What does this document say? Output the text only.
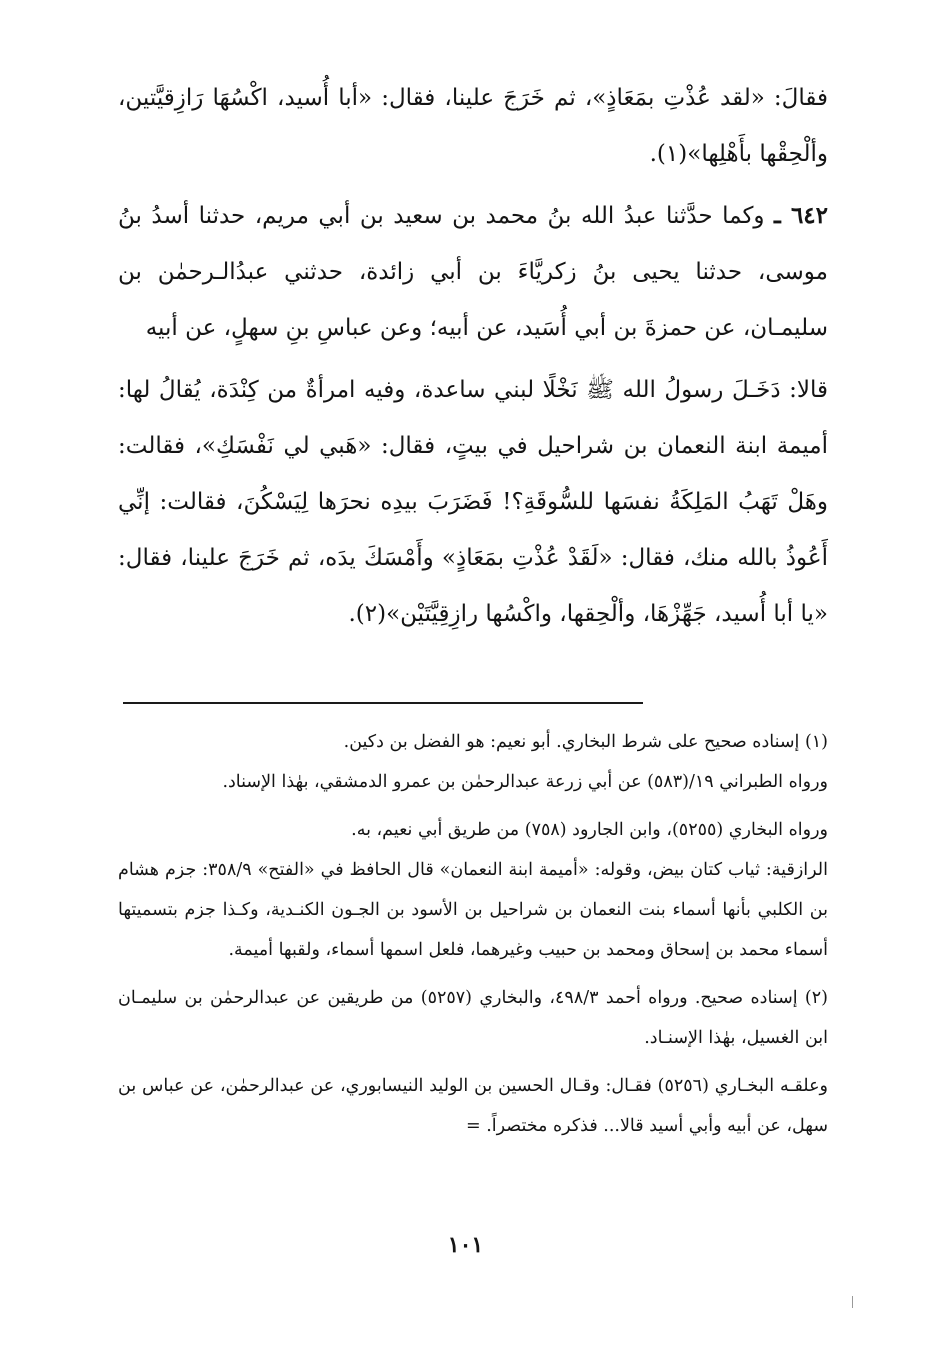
فقالَ: «لقد عُذْتِ بمَعَاذٍ»، ثم خَرَجَ علينا، فقال: «أبا أُسيد، اكْسُهَا رَازِقيَّتين، وألْحِقْها بأَهْلِها»(١).

٦٤٢ ـ وكما حدَّثنا عبدُ الله بنُ محمد بن سعيد بن أبي مريم، حدثنا أسدُ بنُ موسى، حدثنا يحيى بنُ زكريَّاءَ بن أبي زائدة، حدثني عبدُالـرحمٰن بن سليمـان، عن حمزةَ بن أبي أُسَيد، عن أبيه؛ وعن عباسِ بنِ سهلٍ، عن أبيه

قالا: دَخَـلَ رسولُ الله ﷺ نَخْلًا لبني ساعدة، وفيه امرأةٌ من كِنْدَة، يُقالُ لها: أميمة ابنة النعمان بن شراحيل في بيتٍ، فقال: «هَبي لي نَفْسَكِ»، فقالت: وهَلْ تَهَبُ المَلِكَةُ نفسَها للسُّوقَةِ؟! فَضَرَبَ بيدِه نحرَها لِيَسْكُنَ، فقالت: إنِّي أَعُوذُ بالله منك، فقال: «لَقَدْ عُذْتِ بمَعَاذٍ» وأَمْسَكَ يدَه، ثم خَرَجَ علينا، فقال: «يا أبا أُسيد، جَهِّزْهَا، وألْحِقها، واكْسُها رازِقِيَّتَيْن»(٢).

(١) إسناده صحيح على شرط البخاري. أبو نعيم: هو الفضل بن دكين.

ورواه الطبراني ١٩/(٥٨٣) عن أبي زرعة عبدالرحمٰن بن عمرو الدمشقي، بهٰذا الإسناد.

ورواه البخاري (٥٢٥٥)، وابن الجارود (٧٥٨) من طريق أبي نعيم، به.

الرازقية: ثياب كتان بيض، وقوله: «أميمة ابنة النعمان» قال الحافظ في «الفتح» ٣٥٨/٩: جزم هشام بن الكلبي بأنها أسماء بنت النعمان بن شراحيل بن الأسود بن الجـون الكنـدية، وكـذا جزم بتسميتها أسماء محمد بن إسحاق ومحمد بن حبيب وغيرهما، فلعل اسمها أسماء، ولقبها أميمة.

(٢) إسناده صحيح. ورواه أحمد ٤٩٨/٣، والبخاري (٥٢٥٧) من طريقين عن عبدالرحمٰن بن سليمـان ابن الغسيل، بهٰذا الإسنـاد.

وعلقـه البخـاري (٥٢٥٦) فقـال: وقـال الحسين بن الوليد النيسابوري، عن عبدالرحمٰن، عن عباس بن سهل، عن أبيه وأبي أسيد قالا... فذكره مختصراً. =

١٠١
